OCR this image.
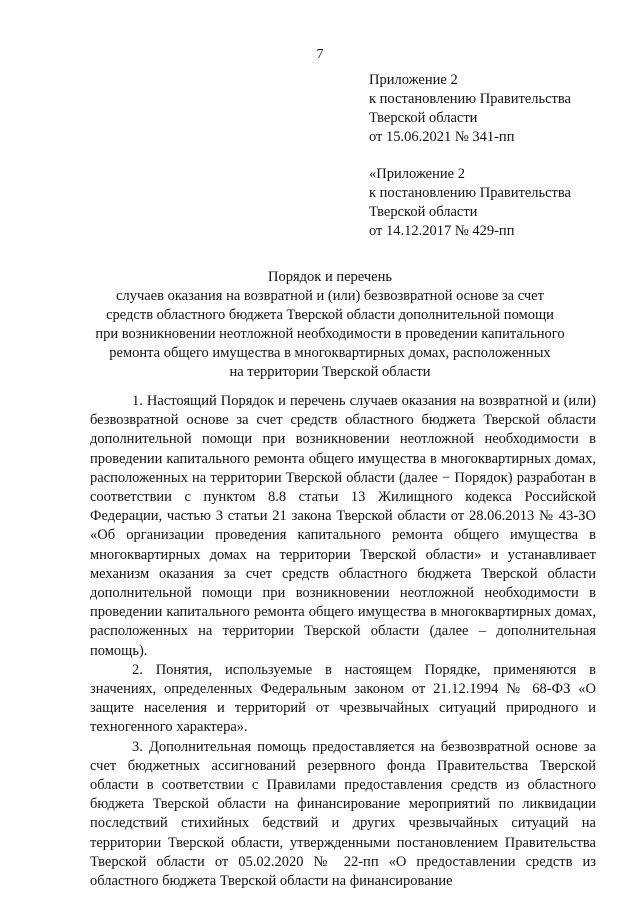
7
Приложение 2
к постановлению Правительства
Тверской области
от 15.06.2021 № 341-пп
«Приложение 2
к постановлению Правительства
Тверской области
от 14.12.2017 № 429-пп
Порядок и перечень
случаев оказания на возвратной и (или) безвозвратной основе за счет
средств областного бюджета Тверской области дополнительной помощи
при возникновении неотложной необходимости в проведении капитального
ремонта общего имущества в многоквартирных домах, расположенных
на территории Тверской области

1. Настоящий Порядок и перечень случаев оказания на возвратной и (или) безвозвратной основе за счет средств областного бюджета Тверской области дополнительной помощи при возникновении неотложной необходимости в проведении капитального ремонта общего имущества в многоквартирных домах, расположенных на территории Тверской области (далее − Порядок) разработан в соответствии с пунктом 8.8 статьи 13 Жилищного кодекса Российской Федерации, частью 3 статьи 21 закона Тверской области от 28.06.2013 № 43-ЗО «Об организации проведения капитального ремонта общего имущества в многоквартирных домах на территории Тверской области» и устанавливает механизм оказания за счет средств областного бюджета Тверской области дополнительной помощи при возникновении неотложной необходимости в проведении капитального ремонта общего имущества в многоквартирных домах, расположенных на территории Тверской области (далее – дополнительная помощь).

2. Понятия, используемые в настоящем Порядке, применяются в значениях, определенных Федеральным законом от 21.12.1994 № 68-ФЗ «О защите населения и территорий от чрезвычайных ситуаций природного и техногенного характера».

3. Дополнительная помощь предоставляется на безвозвратной основе за счет бюджетных ассигнований резервного фонда Правительства Тверской области в соответствии с Правилами предоставления средств из областного бюджета Тверской области на финансирование мероприятий по ликвидации последствий стихийных бедствий и других чрезвычайных ситуаций на территории Тверской области, утвержденными постановлением Правительства Тверской области от 05.02.2020 № 22-пп «О предоставлении средств из областного бюджета Тверской области на финансирование
